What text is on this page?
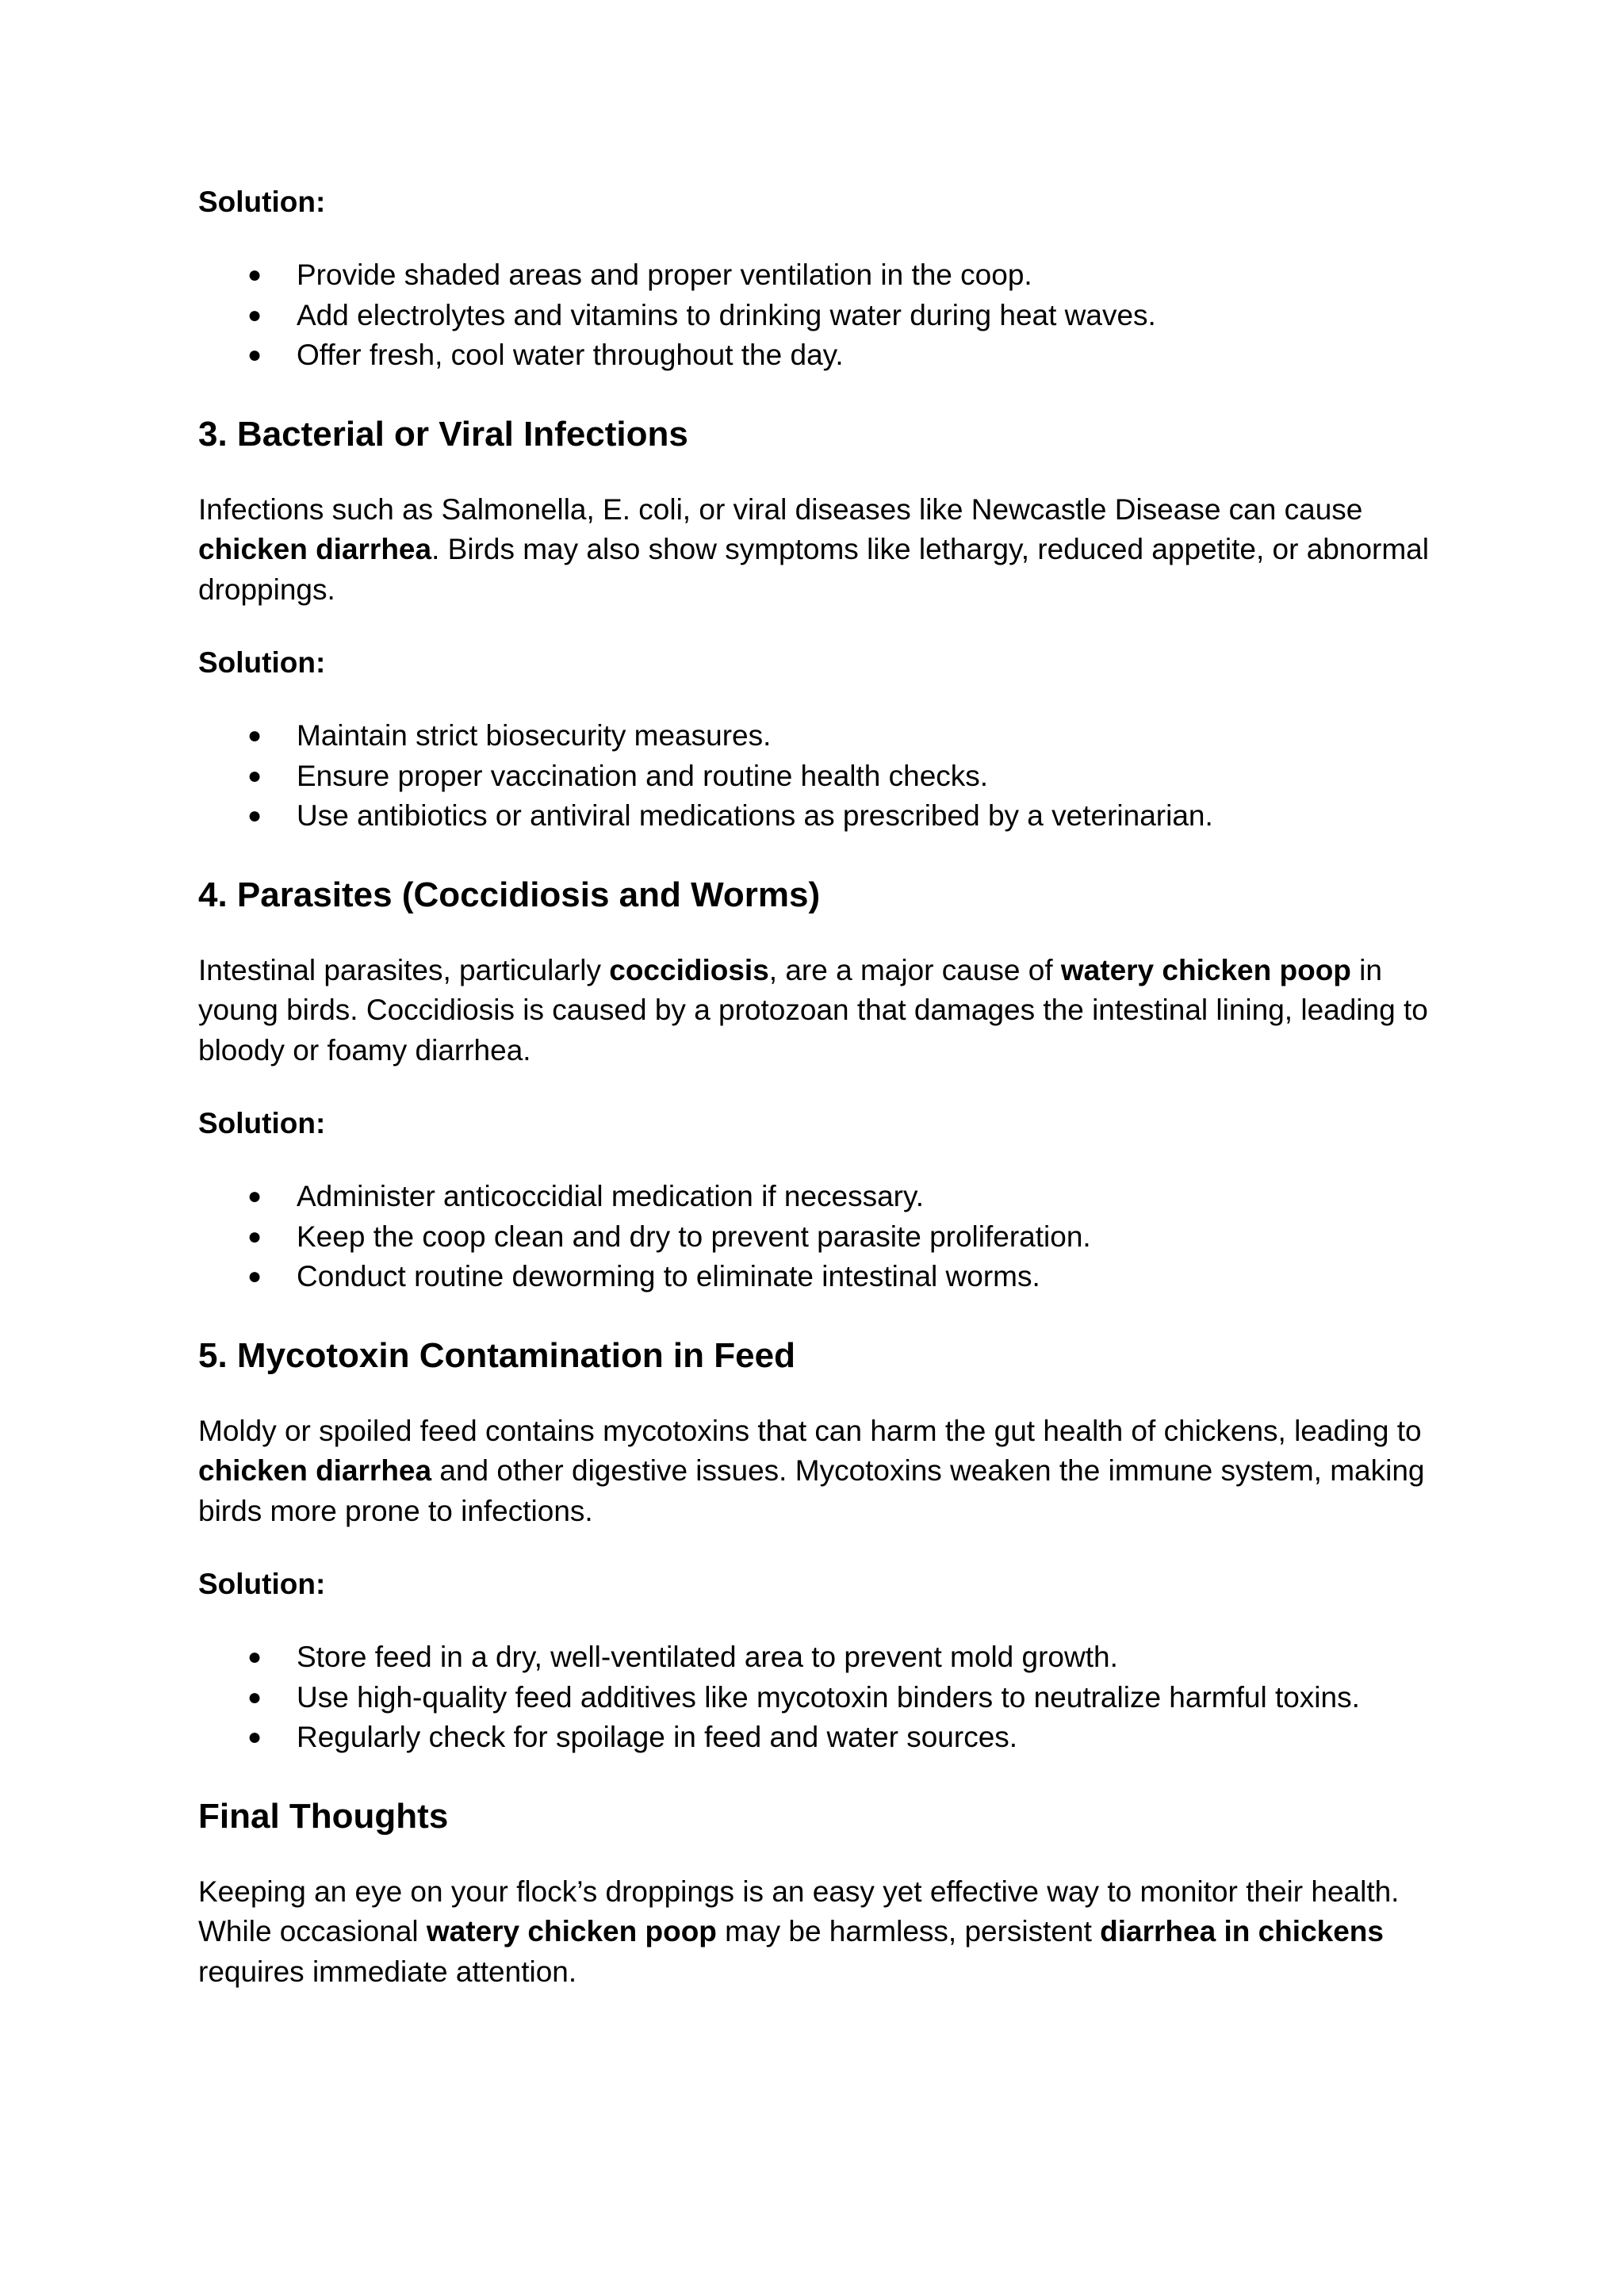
Solution:

● Provide shaded areas and proper ventilation in the coop.
● Add electrolytes and vitamins to drinking water during heat waves.
● Offer fresh, cool water throughout the day.
3. Bacterial or Viral Infections

Infections such as Salmonella, E. coli, or viral diseases like Newcastle Disease can cause chicken diarrhea. Birds may also show symptoms like lethargy, reduced appetite, or abnormal droppings.

Solution:

● Maintain strict biosecurity measures.
● Ensure proper vaccination and routine health checks.
● Use antibiotics or antiviral medications as prescribed by a veterinarian.
4. Parasites (Coccidiosis and Worms)

Intestinal parasites, particularly coccidiosis, are a major cause of watery chicken poop in young birds. Coccidiosis is caused by a protozoan that damages the intestinal lining, leading to bloody or foamy diarrhea.

Solution:

● Administer anticoccidial medication if necessary.
● Keep the coop clean and dry to prevent parasite proliferation.
● Conduct routine deworming to eliminate intestinal worms.
5. Mycotoxin Contamination in Feed

Moldy or spoiled feed contains mycotoxins that can harm the gut health of chickens, leading to chicken diarrhea and other digestive issues. Mycotoxins weaken the immune system, making birds more prone to infections.

Solution:

● Store feed in a dry, well-ventilated area to prevent mold growth.
● Use high-quality feed additives like mycotoxin binders to neutralize harmful toxins.
● Regularly check for spoilage in feed and water sources.
Final Thoughts

Keeping an eye on your flock’s droppings is an easy yet effective way to monitor their health. While occasional watery chicken poop may be harmless, persistent diarrhea in chickens requires immediate attention.
